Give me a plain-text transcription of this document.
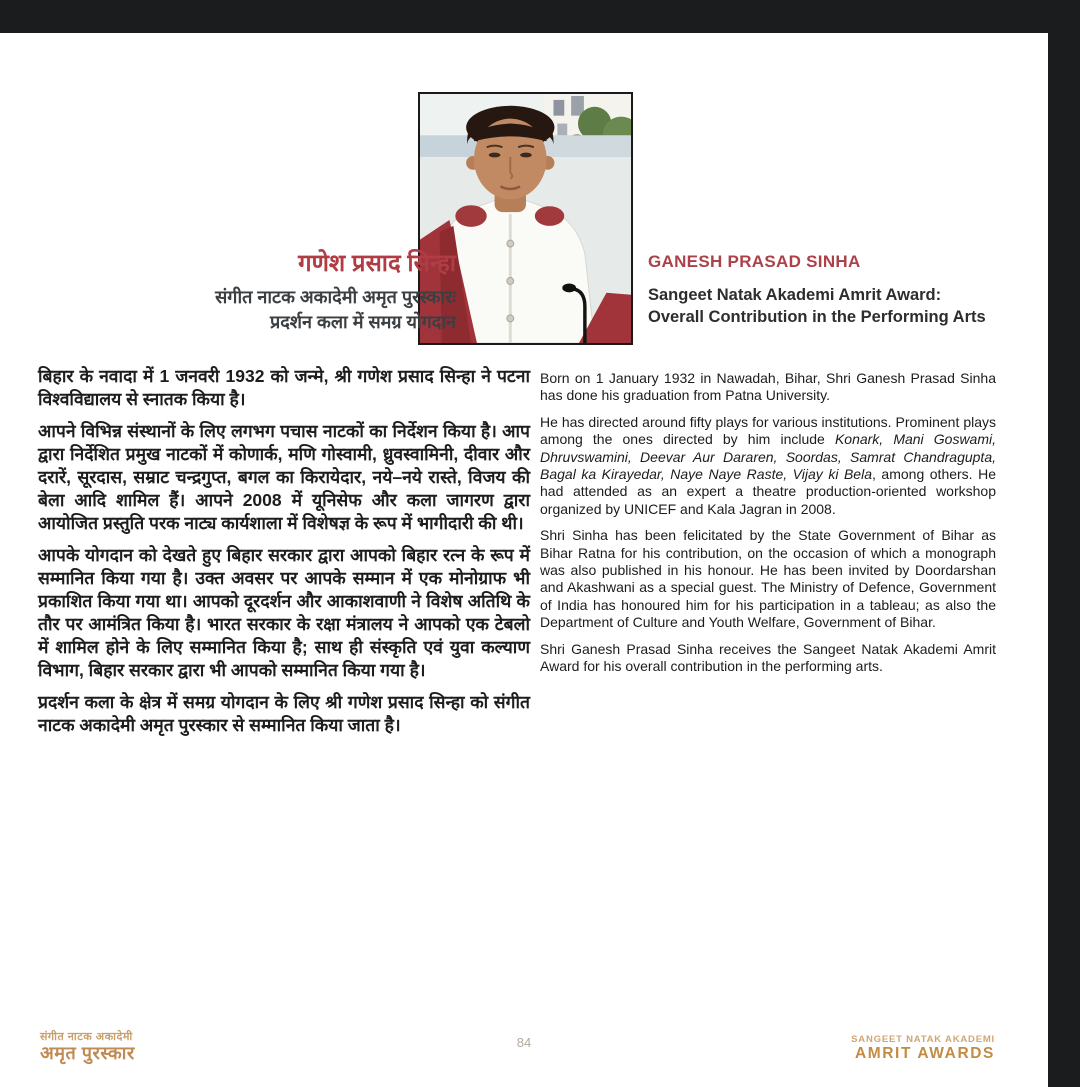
गणेश प्रसाद सिन्हा
संगीत नाटक अकादेमी अमृत पुरस्कारः
प्रदर्शन कला में समग्र योगदान
GANESH PRASAD SINHA
Sangeet Natak Akademi Amrit Award:
Overall Contribution in the Performing Arts

बिहार के नवादा में 1 जनवरी 1932 को जन्मे, श्री गणेश प्रसाद सिन्हा ने पटना विश्वविद्यालय से स्नातक किया है।

आपने विभिन्न संस्थानों के लिए लगभग पचास नाटकों का निर्देशन किया है। आप द्वारा निर्देशित प्रमुख नाटकों में कोणार्क, मणि गोस्वामी, ध्रुवस्वामिनी, दीवार और दरारें, सूरदास, सम्राट चन्द्रगुप्त, बगल का किरायेदार, नये–नये रास्ते, विजय की बेला आदि शामिल हैं। आपने 2008 में यूनिसेफ और कला जागरण द्वारा आयोजित प्रस्तुति परक नाट्य कार्यशाला में विशेषज्ञ के रूप में भागीदारी की थी।

आपके योगदान को देखते हुए बिहार सरकार द्वारा आपको बिहार रत्न के रूप में सम्मानित किया गया है। उक्त अवसर पर आपके सम्मान में एक मोनोग्राफ भी प्रकाशित किया गया था। आपको दूरदर्शन और आकाशवाणी ने विशेष अतिथि के तौर पर आमंत्रित किया है। भारत सरकार के रक्षा मंत्रालय ने आपको एक टेबलो में शामिल होने के लिए सम्मानित किया है; साथ ही संस्कृति एवं युवा कल्याण विभाग, बिहार सरकार द्वारा भी आपको सम्मानित किया गया है।

प्रदर्शन कला के क्षेत्र में समग्र योगदान के लिए श्री गणेश प्रसाद सिन्हा को संगीत नाटक अकादेमी अमृत पुरस्कार से सम्मानित किया जाता है।

Born on 1 January 1932 in Nawadah, Bihar, Shri Ganesh Prasad Sinha has done his graduation from Patna University.

He has directed around fifty plays for various institutions. Prominent plays among the ones directed by him include Konark, Mani Goswami, Dhruvswamini, Deevar Aur Dararen, Soordas, Samrat Chandragupta, Bagal ka Kirayedar, Naye Naye Raste, Vijay ki Bela, among others. He had attended as an expert a theatre production-oriented workshop organized by UNICEF and Kala Jagran in 2008.

Shri Sinha has been felicitated by the State Government of Bihar as Bihar Ratna for his contribution, on the occasion of which a monograph was also published in his honour. He has been invited by Doordarshan and Akashwani as a special guest. The Ministry of Defence, Government of India has honoured him for his participation in a tableau; as also the Department of Culture and Youth Welfare, Government of Bihar.

Shri Ganesh Prasad Sinha receives the Sangeet Natak Akademi Amrit Award for his overall contribution in the performing arts.

संगीत नाटक अकादेमी
अमृत पुरस्कार
84	SANGEET NATAK AKADEMI
AMRIT AWARDS
